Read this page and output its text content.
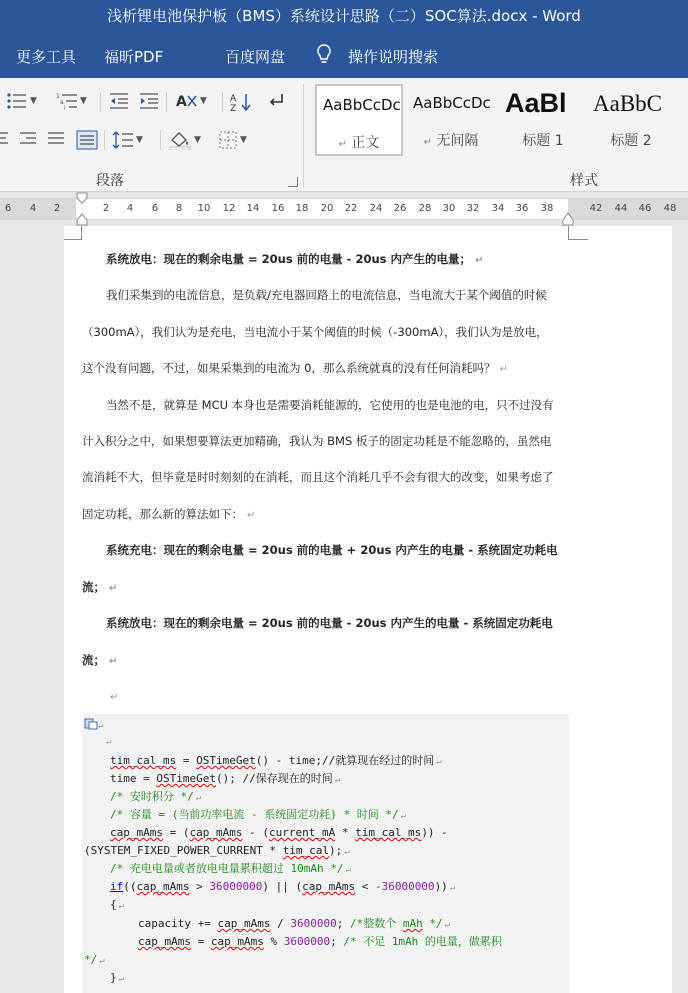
浅析锂电池保护板（BMS）系统设计思路（二）SOC算法.docx - Word
更多工具 福昕PDF	百度网盘	操作说明搜索
▼	1
a
i
▼	A ▼	A
Z
▼	▼	▼
段落
AaBbCcDc
↵ 正文
AaBbCcDc
↵ 无间隔
AaBl
标题 1
AaBbC
标题 2
样式
6 4 2	2 4 6 8 10 12 14 16 18 20 22 24 26 28 30 32 34 36 38	42 44 46 48
系统放电：现在的剩余电量 = 20us 前的电量 - 20us 内产生的电量； ↵
我们采集到的电流信息，是负载/充电器回路上的电流信息，当电流大于某个阈值的时候
（300mA），我们认为是充电，当电流小于某个阈值的时候（-300mA），我们认为是放电，
这个没有问题，不过，如果采集到的电流为 0，那么系统就真的没有任何消耗吗？ ↵
当然不是，就算是 MCU 本身也是需要消耗能源的，它使用的也是电池的电，只不过没有
计入积分之中，如果想要算法更加精确，我认为 BMS 板子的固定功耗是不能忽略的，虽然电
流消耗不大，但毕竟是时时刻刻的在消耗，而且这个消耗几乎不会有很大的改变，如果考虑了
固定功耗，那么新的算法如下： ↵
系统充电：现在的剩余电量 = 20us 前的电量 + 20us 内产生的电量 - 系统固定功耗电
流； ↵
系统放电：现在的剩余电量 = 20us 前的电量 - 20us 内产生的电量 - 系统固定功耗电
流； ↵
↵
↵
↵
tim_cal_ms = OSTimeGet() - time;//就算现在经过的时间 ↵
time = OSTimeGet(); //保存现在的时间 ↵
/* 安时积分 */ ↵
/* 容量 = (当前功率电流 - 系统固定功耗) * 时间 */ ↵
cap_mAms = (cap_mAms - (current_mA * tim_cal_ms)) -
(SYSTEM_FIXED_POWER_CURRENT * tim_cal); ↵
/* 充电电量或者放电电量累积超过 10mAh */ ↵
if((cap_mAms > 36000000) || (cap_mAms < -36000000)) ↵
{ ↵
capacity += cap_mAms / 3600000; /*整数个 mAh */ ↵
cap_mAms = cap_mAms % 3600000; /* 不足 1mAh 的电量，做累积
*/ ↵
} ↵
